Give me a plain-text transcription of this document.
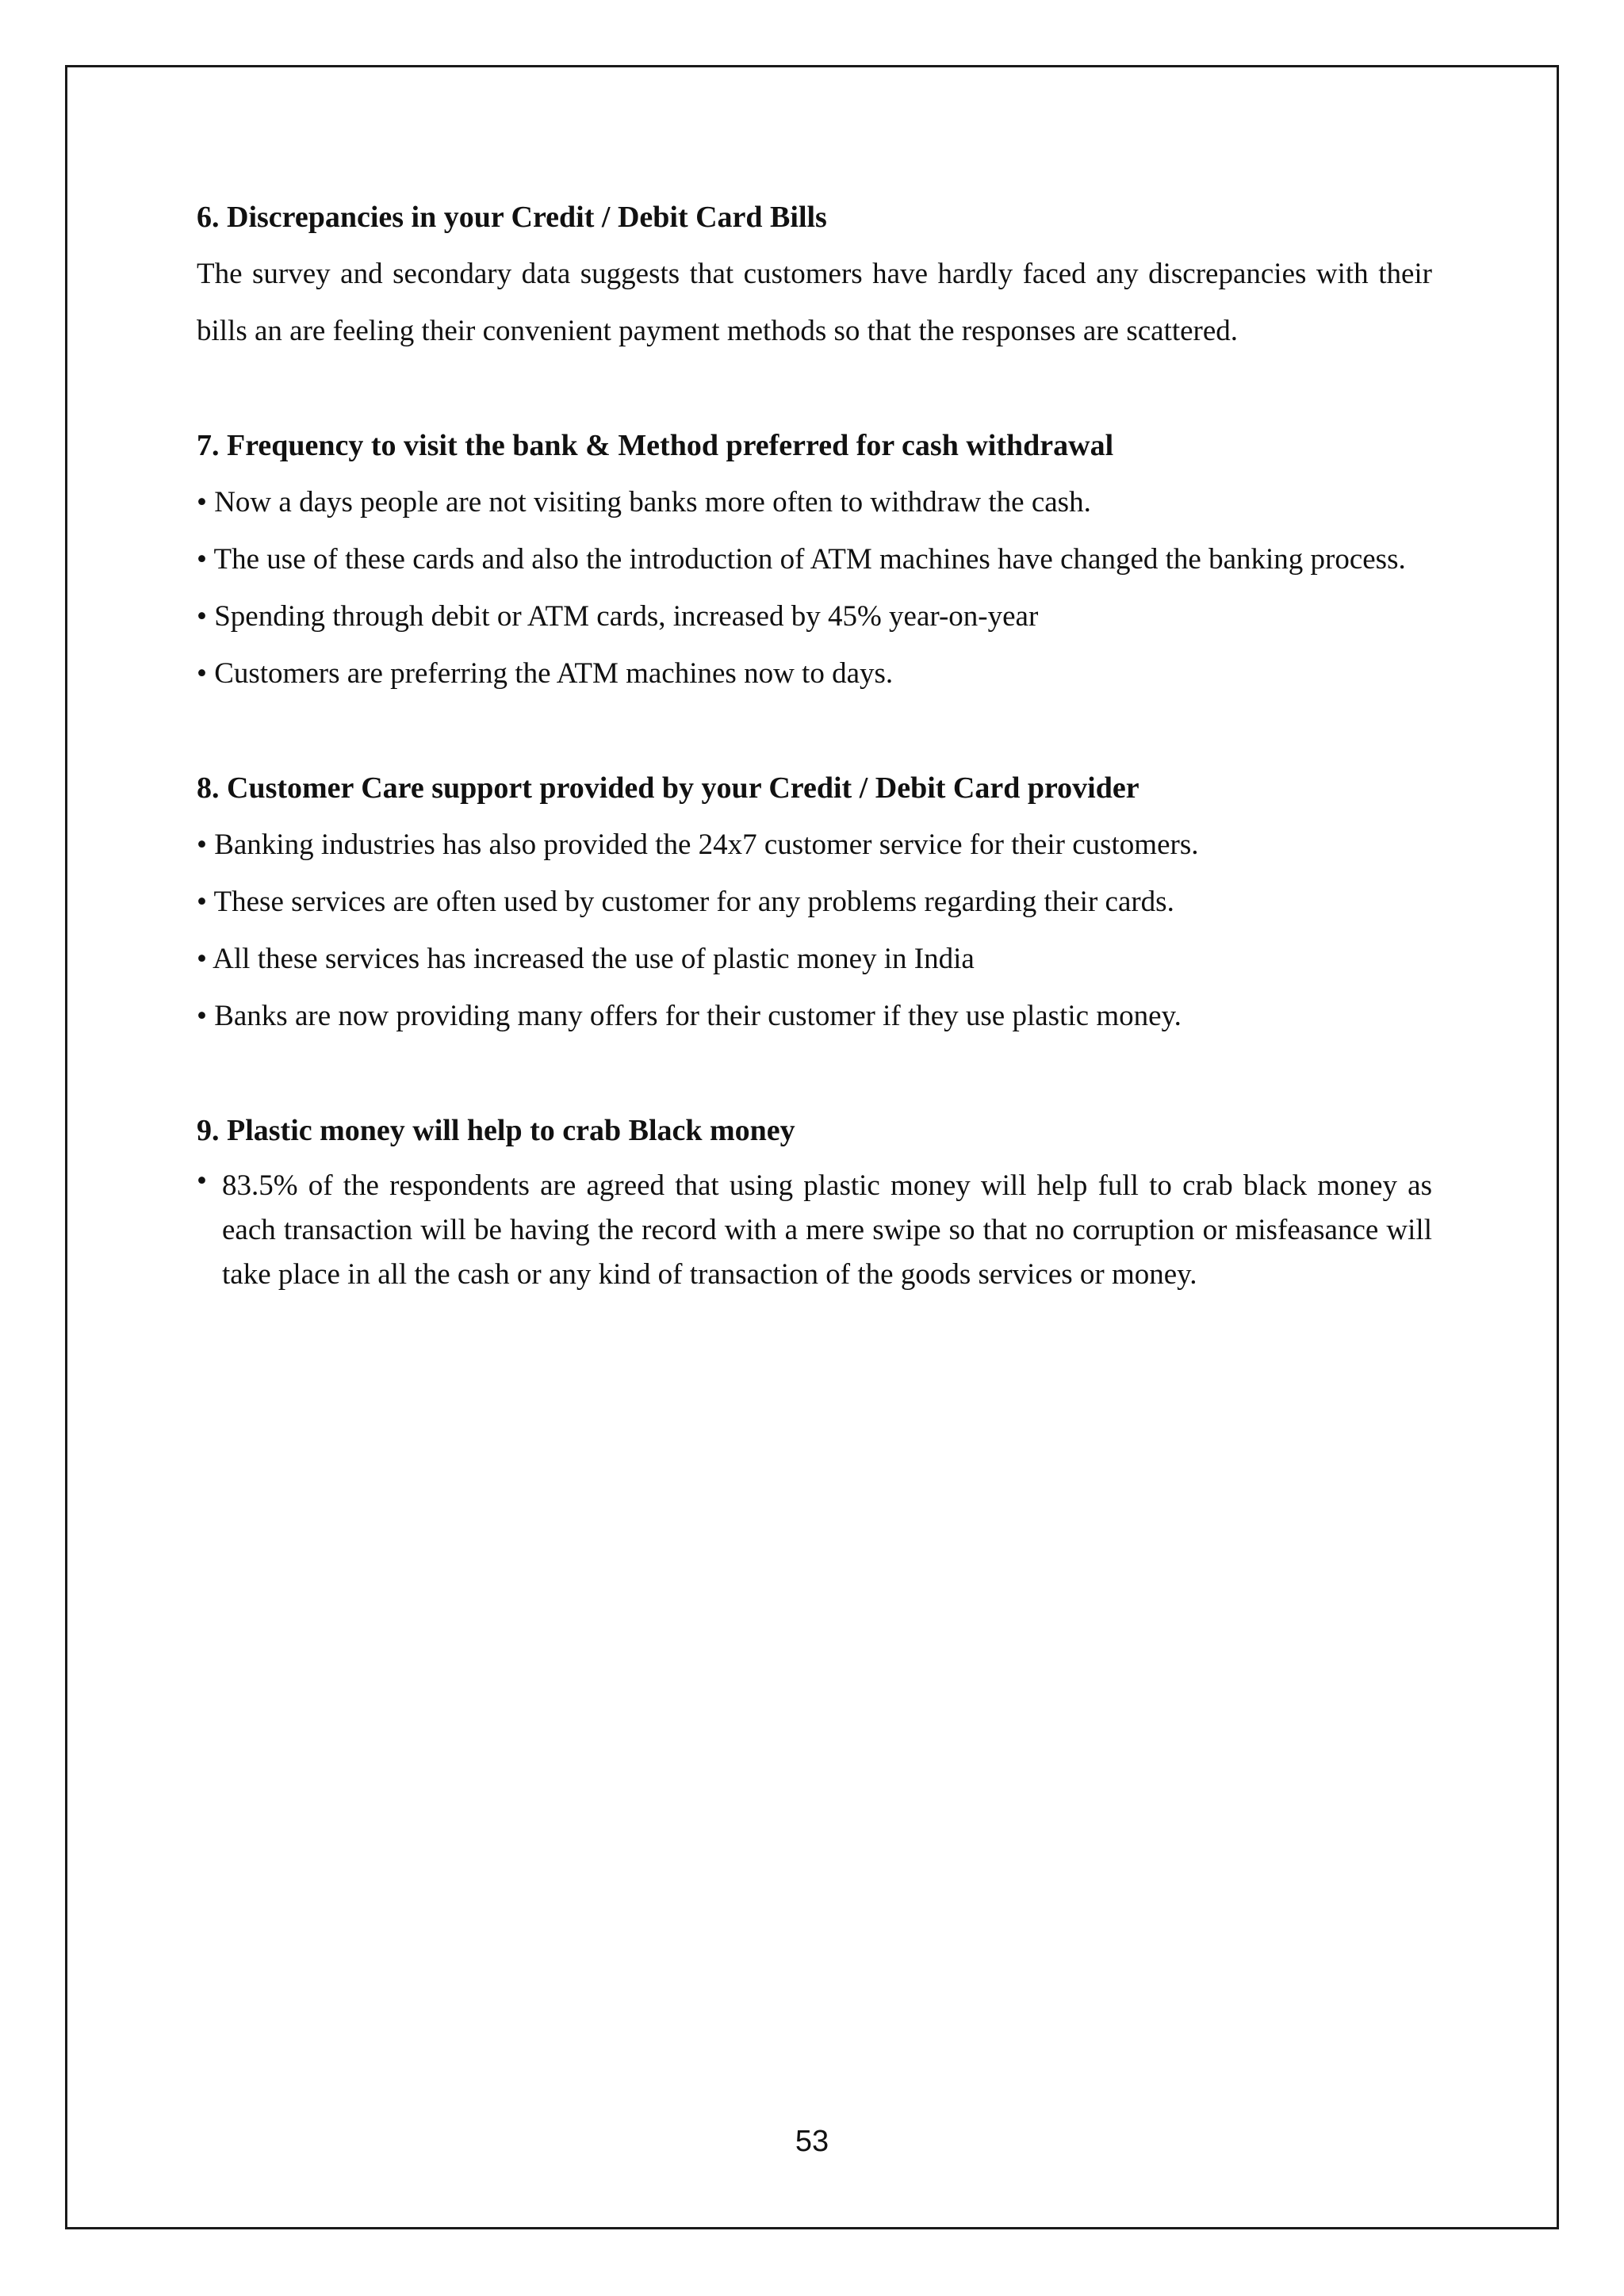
6. Discrepancies in your Credit / Debit Card Bills

The survey and secondary data suggests that customers have hardly faced any discrepancies with their bills an are feeling their convenient payment methods so that the responses are scattered.

7. Frequency to visit the bank & Method preferred for cash withdrawal

• Now a days people are not visiting banks more often to withdraw the cash.

• The use of these cards and also the introduction of ATM machines have changed the banking process.

• Spending through debit or ATM cards, increased by 45% year-on-year

• Customers are preferring the ATM machines now to days.

8. Customer Care support provided by your Credit / Debit Card provider

• Banking industries has also provided the 24x7 customer service for their customers.

• These services are often used by customer for any problems regarding their cards.

• All these services has increased the use of plastic money in India

• Banks are now providing many offers for their customer if they use plastic money.

9. Plastic money will help to crab Black money

• 83.5% of the respondents are agreed that using plastic money will help full to crab black money as each transaction will be having the record with a mere swipe so that no corruption or misfeasance will take place in all the cash or any kind of transaction of the goods services or money.
53
